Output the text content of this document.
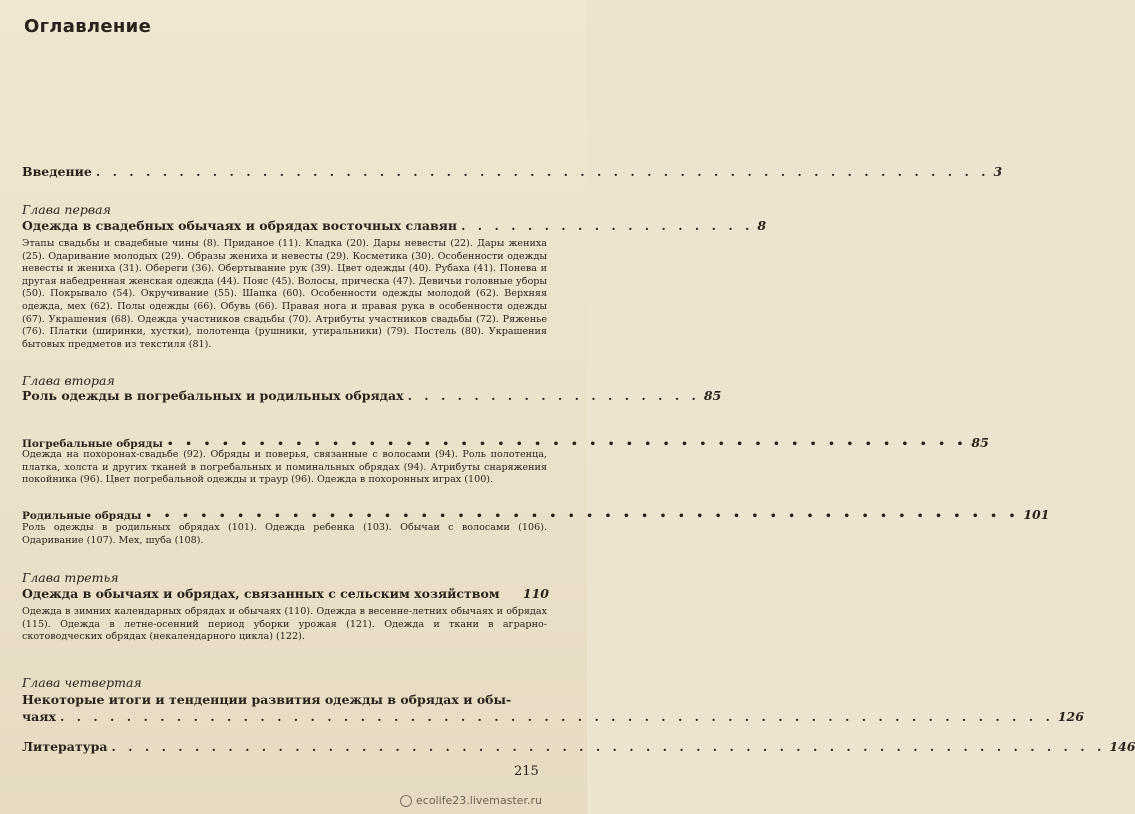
Оглавление
Введение . . . . . . . . . . . . . . . . . . . . . . . . . . . . . . . . . . . . . . . . . . . . . . . . . . . . . . 3
Глава первая
Одежда в свадебных обычаях и обрядах восточных славян . . . . . . . . . . . . . . . . . . 8
Этапы свадьбы и свадебные чины (8). Приданое (11). Кладка (20). Дары невесты (22). Дары жениха (25). Одаривание молодых (29). Образы жениха и невесты (29). Косметика (30). Особенности одежды невесты и жениха (31). Обереги (36). Обертывание рук (39). Цвет одежды (40). Рубаха (41). Понева и другая набедренная женская одежда (44). Пояс (45). Волосы, прическа (47). Девичьи головные уборы (50). Покрывало (54). Окручивание (55). Шапка (60). Особенности одежды молодой (62). Верхняя одежда, мех (62). Полы одежды (66). Обувь (66). Правая нога и правая рука в особенности одежды (67). Украшения (68). Одежда участников свадьбы (70). Атрибуты участников свадьбы (72). Ряженье (76). Платки (ширинки, хустки), полотенца (рушники, утиральники) (79). Постель (80). Украшения бытовых предметов из текстиля (81).
Глава вторая
Роль одежды в погребальных и родильных обрядах . . . . . . . . . . . . . . . . . . 85
Погребальные обряды • • • • • • • • • • • • • • • • • • • • • • • • • • • • • • • • • • • • • • • • • • • • 85
Одежда на похоронах-свадьбе (92). Обряды и поверья, связанные с волосами (94). Роль полотенца, платка, холста и других тканей в погребальных и поминальных обрядах (94). Атрибуты снаряжения покойника (96). Цвет погребальной одежды и траур (96). Одежда в похоронных играх (100).
Родильные обряды • • • • • • • • • • • • • • • • • • • • • • • • • • • • • • • • • • • • • • • • • • • • • • • • 101
Роль одежды в родильных обрядах (101). Одежда ребенка (103). Обычаи с волосами (106). Одаривание (107). Мех, шуба (108).
Глава третья
Одежда в обычаях и обрядах, связанных с сельским хозяйством 110
Одежда в зимних календарных обрядах и обычаях (110). Одежда в весенне-летних обычаях и обрядах (115). Одежда в летне-осенний период уборки урожая (121). Одежда и ткани в аграрно-скотоводческих обрядах (некалендарного цикла) (122).
Глава четвертая
Некоторые итоги и тенденции развития одежды в обрядах и обы-
чаях . . . . . . . . . . . . . . . . . . . . . . . . . . . . . . . . . . . . . . . . . . . . . . . . . . . . . . . . . . . . 126
Литература . . . . . . . . . . . . . . . . . . . . . . . . . . . . . . . . . . . . . . . . . . . . . . . . . . . . . . . . . . . . 146
215
ecolife23.livemaster.ru
